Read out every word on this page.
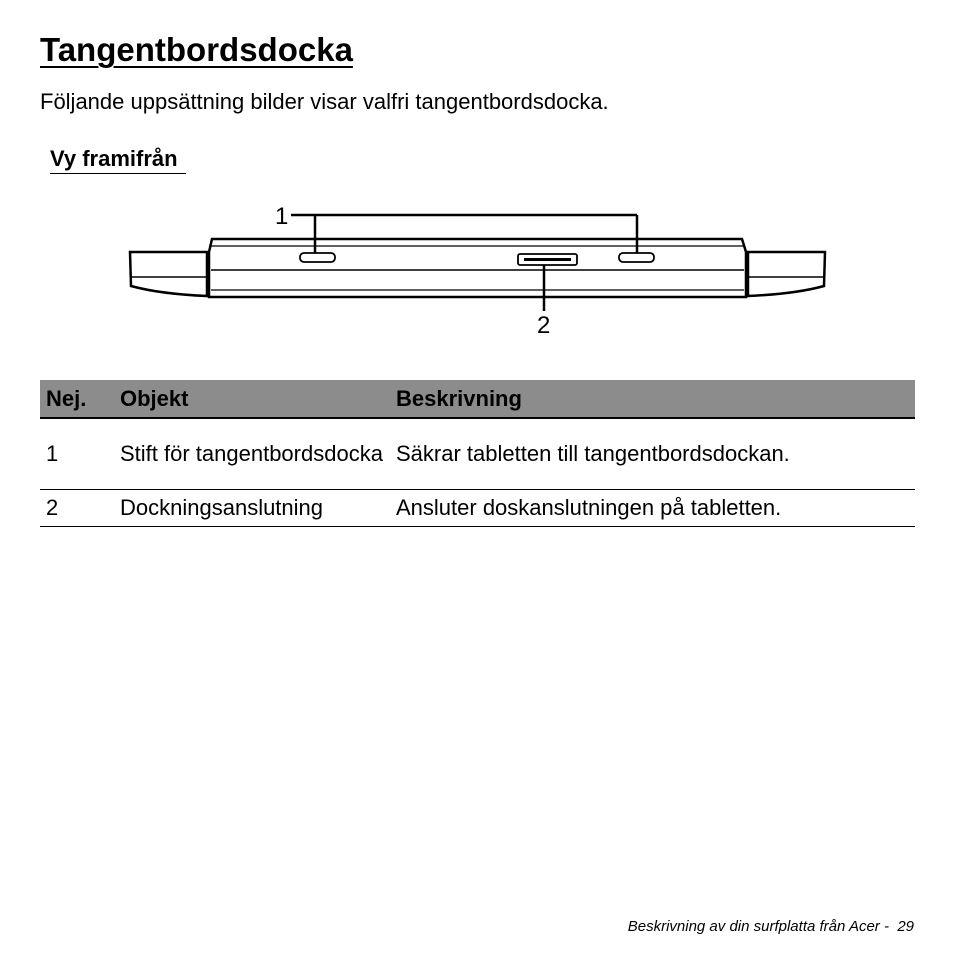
Tangentbordsdocka

Följande uppsättning bilder visar valfri tangentbordsdocka.

Vy framifrån
1
2
Nej.	Objekt	Beskrivning
1	Stift för tangentbordsdocka	Säkrar tabletten till tangentbordsdockan.
2	Dockningsanslutning	Ansluter doskanslutningen på tabletten.
Beskrivning av din surfplatta från Acer - 29
